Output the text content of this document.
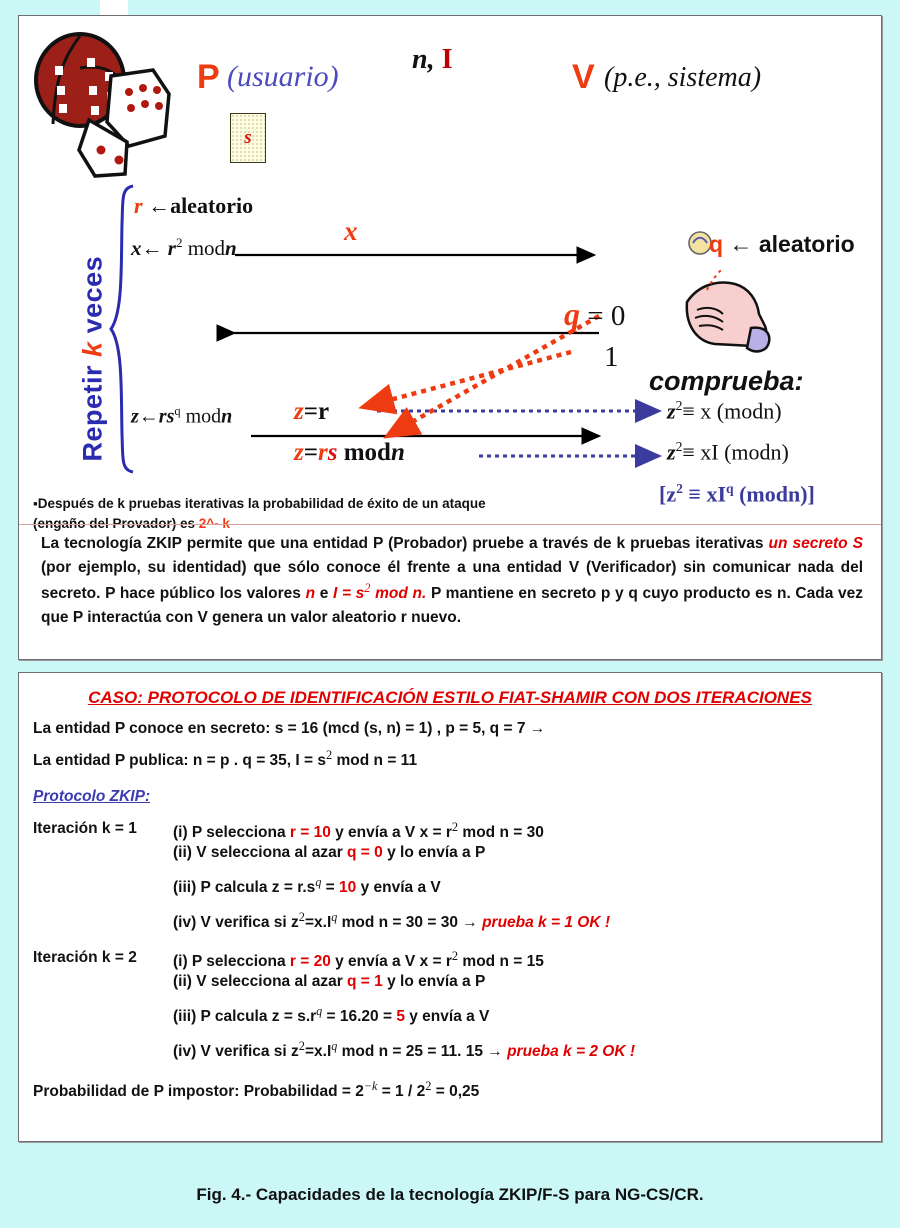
P (usuario)
n, I	V (p.e., sistema)
s
Repetir k veces
r ←aleatorio
x← $r^2$ modn
x
q = 0
1
q ← aleatorio
comprueba:
$z\leftarrow rs^q$ modn z=r
z=rs modn
$z^2\equiv x$ (modn)
$z^2\equiv$ xI (modn)
[$z^2 \equiv xI^q$ (modn)]
▪Después de k pruebas iterativas la probabilidad de éxito de un ataque

La tecnología ZKIP permite que una entidad P (Probador) pruebe a través de k pruebas iterativas un secreto S (por ejemplo, su identidad) que sólo conoce él frente a una entidad V (Verificador) sin comunicar nada del secreto. P hace público los valores n e $I = s^2$ mod n. P mantiene en secreto p y q cuyo producto es n. Cada vez que P interactúa con V genera un valor aleatorio r nuevo.
CASO: PROTOCOLO DE IDENTIFICACIÓN ESTILO FIAT-SHAMIR CON DOS ITERACIONES
La entidad P conoce en secreto: s = 16 (mcd (s, n) = 1) , p = 5, q = 7 →
La entidad P publica: n = p . q = 35, $I = s^2$ mod n = 11
Protocolo ZKIP:
Iteración k = 1	(i) P selecciona r = 10 y envía a V $x = r^2$ mod n = 30
(ii) V selecciona al azar q = 0 y lo envía a P
(iii) P calcula $z = r.s^q = 10$ y envía a V
(iv) V verifica si $z^2=x.I^q$ mod n = 30 = 30 → prueba k = 1 OK !
Iteración k = 2	(i) P selecciona r = 20 y envía a V $x = r^2$ mod n = 15
(ii) V selecciona al azar q = 1 y lo envía a P
(iii) P calcula $z = s.r^q = 16.20 = 5$ y envía a V
(iv) V verifica si $z^2=x.I^q$ mod n = 25 = 11. 15 → prueba k = 2 OK !
Probabilidad de P impostor: Probabilidad = $2^{-k} = 1 / 2^2 = 0,25$
Fig. 4.- Capacidades de la tecnología ZKIP/F-S para NG-CS/CR.
